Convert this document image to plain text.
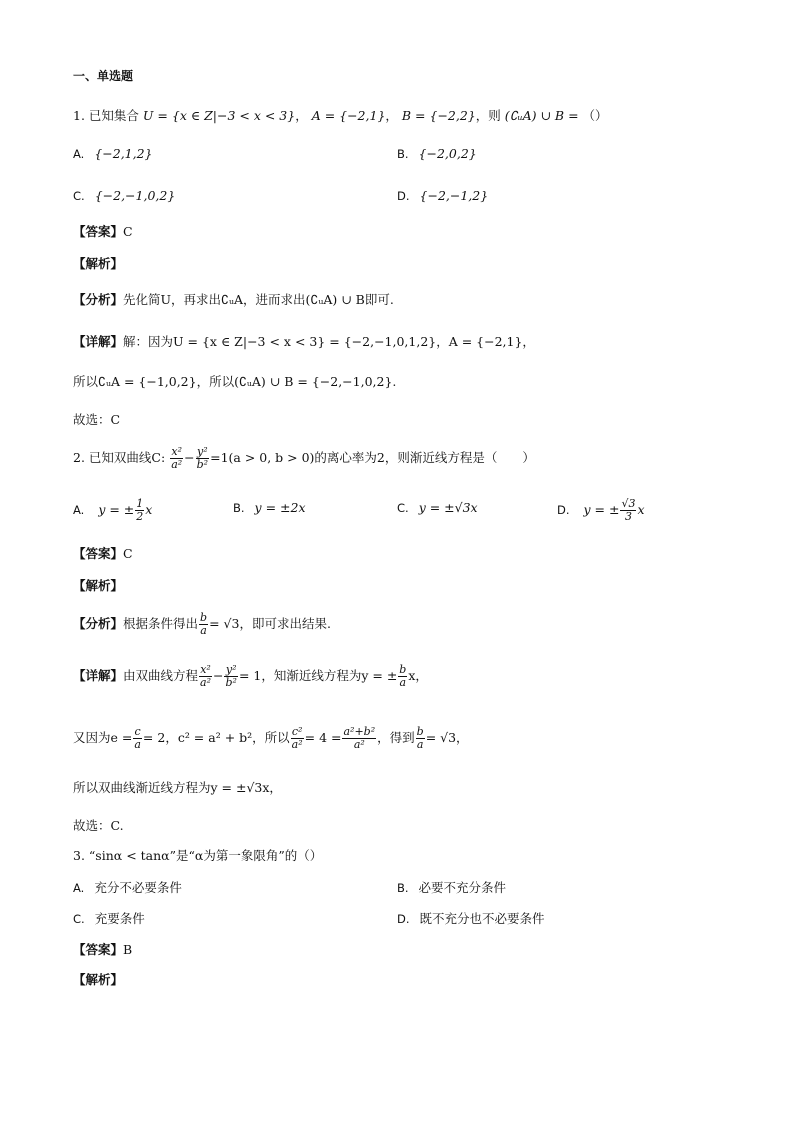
一、单选题
1. 已知集合 U = {x ∈ Z|−3 < x < 3}， A = {−2,1}， B = {−2,2}，则 (∁ᵤA) ∪ B = （）
A. {−2,1,2}	B. {−2,0,2}
C. {−2,−1,0,2}	D. {−2,−1,2}
【答案】C
【解析】
【分析】先化简U，再求出∁ᵤA，进而求出(∁ᵤA) ∪ B即可.
【详解】解：因为U = {x ∈ Z|−3 < x < 3} = {−2,−1,0,1,2}，A = {−2,1}，
所以∁ᵤA = {−1,0,2}，所以(∁ᵤA) ∪ B = {−2,−1,0,2}.
故选：C
2. 已知双曲线C: $\frac{\text{x²}}{\text{a²}} - \frac{\text{y²}}{\text{b²}} =1(a > 0$, b > 0)的离心率为2，则渐近线方程是（　　）
A. y = ± $\frac{1}{2}$ x	B. y = ±2x	C. y = ±√3x	D. y = ± $\frac{√3}{3}$ x
【答案】C
【解析】
【分析】根据条件得出 $\frac{b}{a} = √3$，即可求出结果.
【详解】由双曲线方程 $\frac{\text{x²}}{\text{a²}} - \frac{\text{y²}}{\text{b²}} = 1$，知渐近线方程为y = ± $\frac{b}{a}$ x，
又因为$e = \frac{c}{a} = 2$，c² = a² + b²，所以 $\frac{\text{c²}}{\text{a²}} = 4 = \frac{\text{a²+b²}}{\text{a²}}$ ，得到 $\frac{b}{a} = √3$，
所以双曲线渐近线方程为y = ±√3x，
故选：C.
3. “sinα < tanα”是“α为第一象限角”的（）
A. 充分不必要条件	B. 必要不充分条件
C. 充要条件	D. 既不充分也不必要条件
【答案】B
【解析】
